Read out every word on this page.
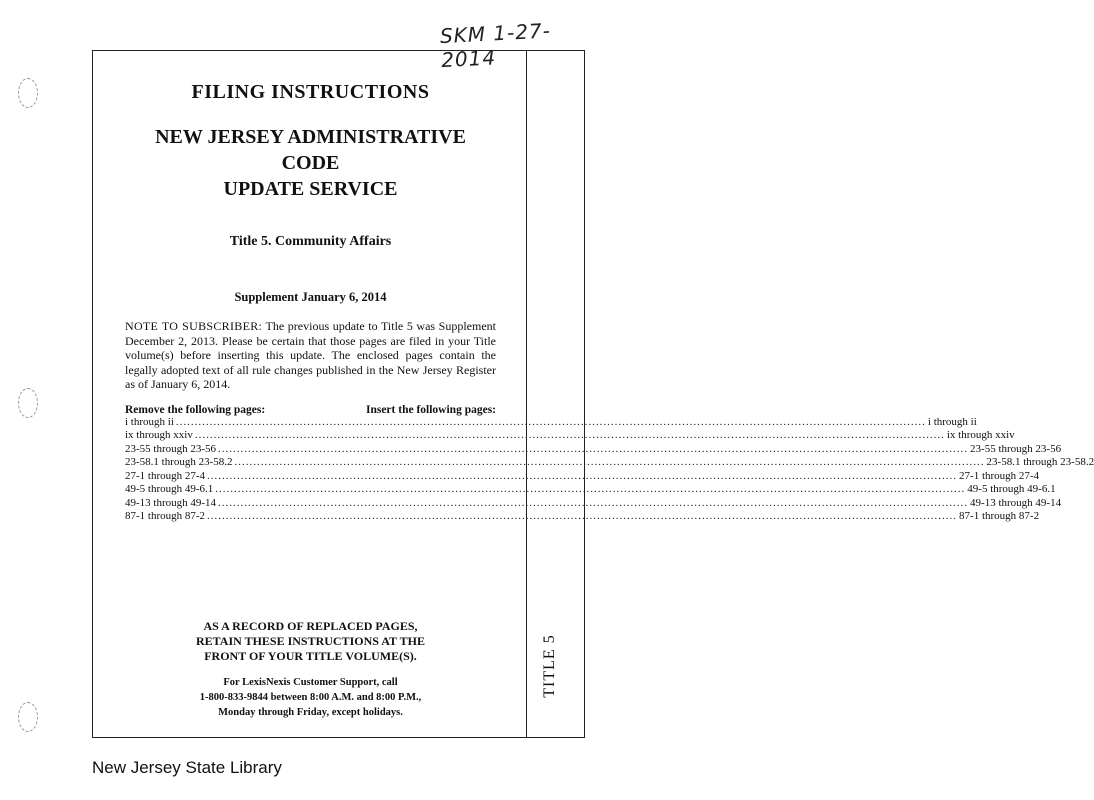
SKM 1-27-2014
FILING INSTRUCTIONS
NEW JERSEY ADMINISTRATIVE CODE
UPDATE SERVICE
Title 5. Community Affairs
Supplement January 6, 2014
NOTE TO SUBSCRIBER: The previous update to Title 5 was Supplement December 2, 2013. Please be certain that those pages are filed in your Title volume(s) before inserting this update. The enclosed pages contain the legally adopted text of all rule changes published in the New Jersey Register as of January 6, 2014.
Remove the following pages:	Insert the following pages:
i through ii ........................................................................................................................................................................................................ i through ii
ix through xxiv ........................................................................................................................................................................................................ ix through xxiv
23-55 through 23-56 ........................................................................................................................................................................................................ 23-55 through 23-56
23-58.1 through 23-58.2 ........................................................................................................................................................................................................ 23-58.1 through 23-58.2
27-1 through 27-4 ........................................................................................................................................................................................................ 27-1 through 27-4
49-5 through 49-6.1 ........................................................................................................................................................................................................ 49-5 through 49-6.1
49-13 through 49-14 ........................................................................................................................................................................................................ 49-13 through 49-14
87-1 through 87-2 ........................................................................................................................................................................................................ 87-1 through 87-2
AS A RECORD OF REPLACED PAGES,
RETAIN THESE INSTRUCTIONS AT THE
FRONT OF YOUR TITLE VOLUME(S).
For LexisNexis Customer Support, call
1-800-833-9844 between 8:00 A.M. and 8:00 P.M.,
Monday through Friday, except holidays.
TITLE 5
New Jersey State Library
